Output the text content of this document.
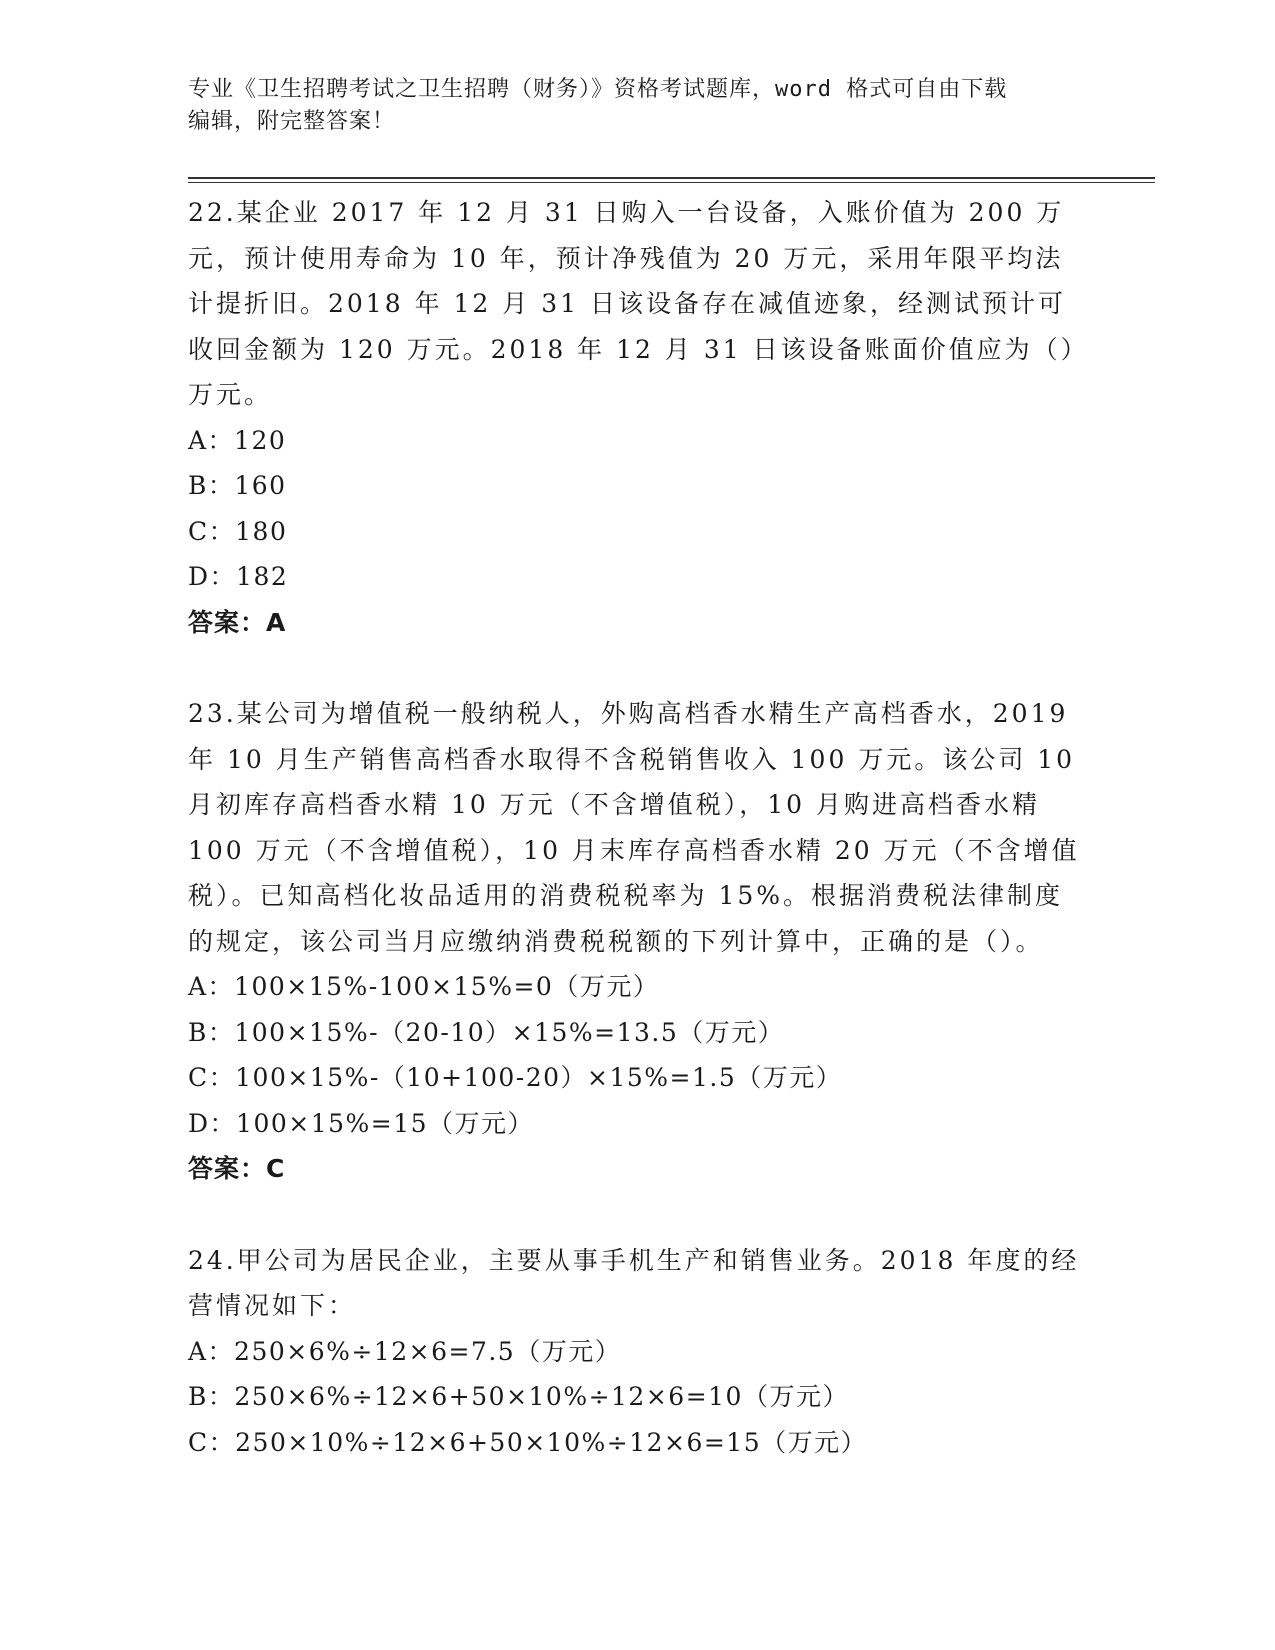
专业《卫生招聘考试之卫生招聘（财务）》资格考试题库，word 格式可自由下载
编辑，附完整答案！

22.某企业 2017 年 12 月 31 日购入一台设备，入账价值为 200 万元，预计使用寿命为 10 年，预计净残值为 20 万元，采用年限平均法计提折旧。2018 年 12 月 31 日该设备存在减值迹象，经测试预计可收回金额为 120 万元。2018 年 12 月 31 日该设备账面价值应为（）万元。

A：120

B：160

C：180

D：182

答案：A

23.某公司为增值税一般纳税人，外购高档香水精生产高档香水，2019 年 10 月生产销售高档香水取得不含税销售收入 100 万元。该公司 10 月初库存高档香水精 10 万元（不含增值税），10 月购进高档香水精 100 万元（不含增值税），10 月末库存高档香水精 20 万元（不含增值税）。已知高档化妆品适用的消费税税率为 15%。根据消费税法律制度的规定，该公司当月应缴纳消费税税额的下列计算中，正确的是（）。

A：100×15%-100×15%=0（万元）

B：100×15%-（20-10）×15%=13.5（万元）

C：100×15%-（10+100-20）×15%=1.5（万元）

D：100×15%=15（万元）

答案：C

24.甲公司为居民企业，主要从事手机生产和销售业务。2018 年度的经营情况如下：

A：250×6%÷12×6=7.5（万元）

B：250×6%÷12×6+50×10%÷12×6=10（万元）

C：250×10%÷12×6+50×10%÷12×6=15（万元）
